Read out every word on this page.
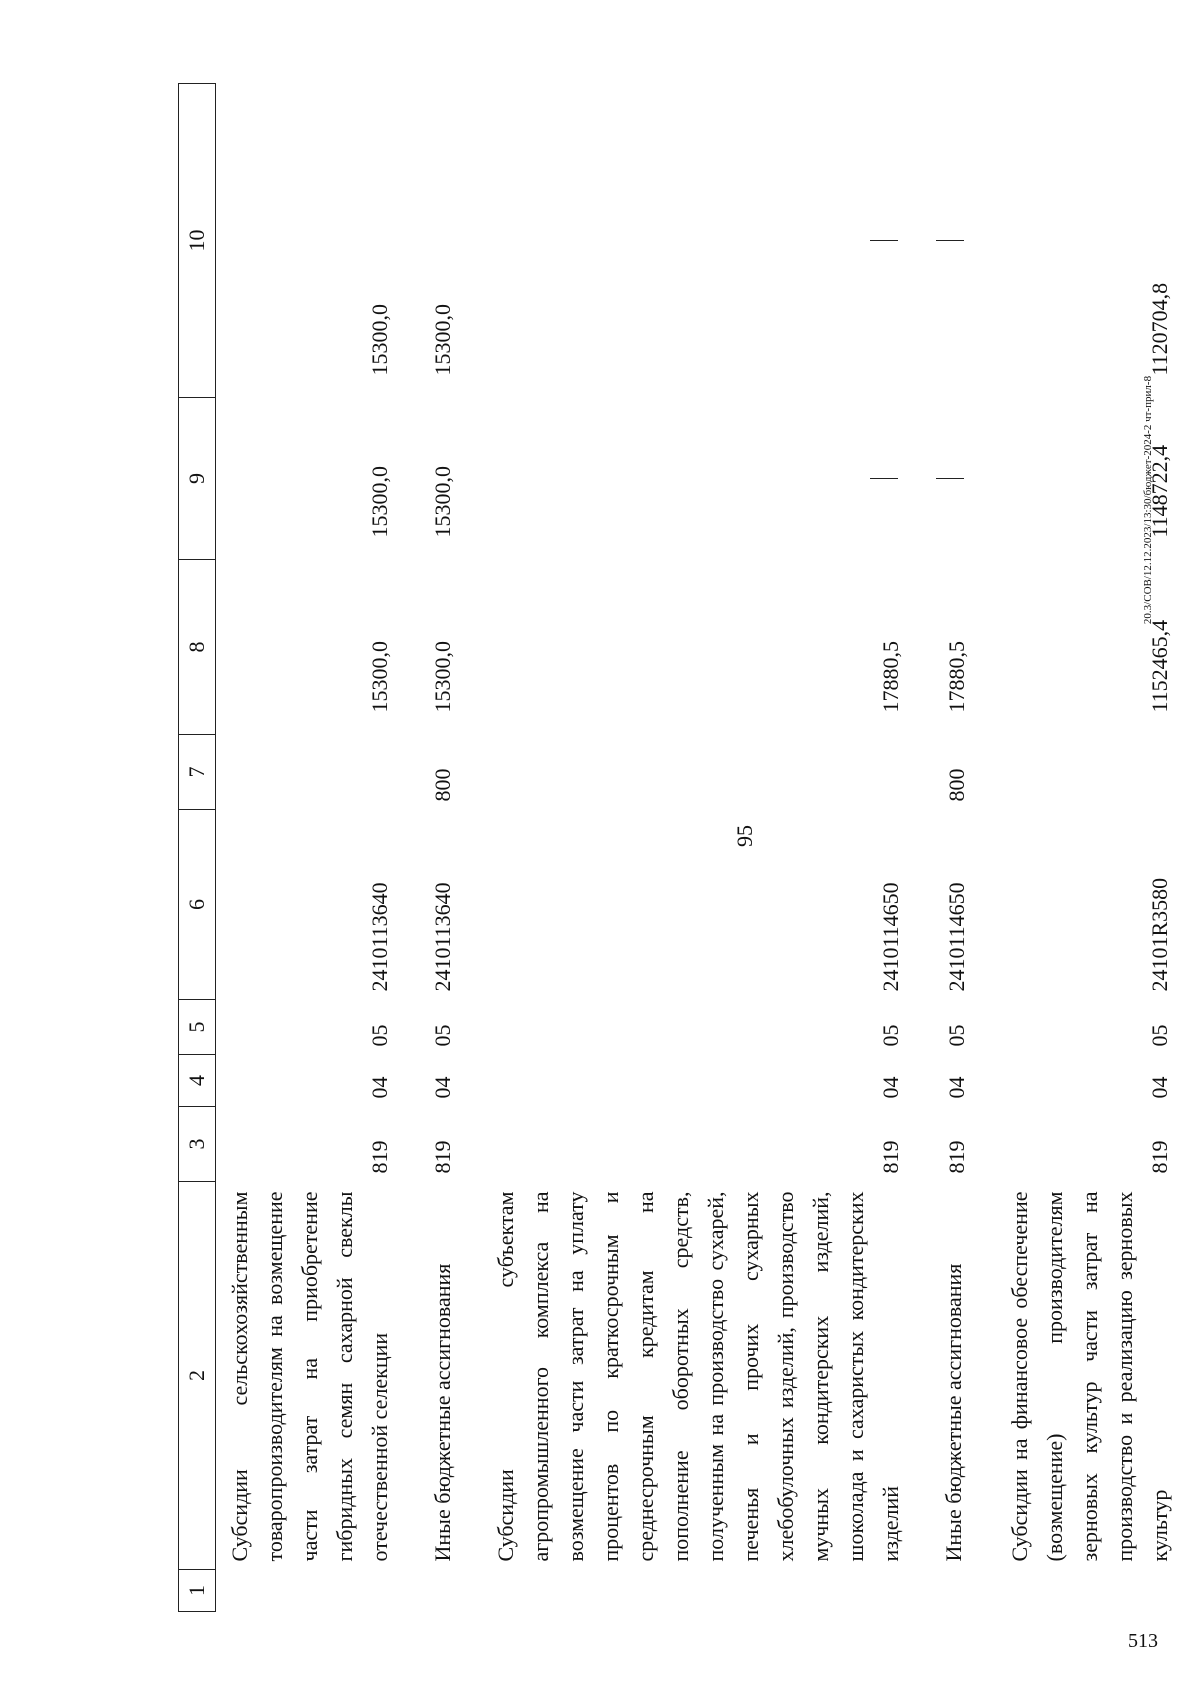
95
20.3/СОВ/12.12.2023/13:30/бюджет-2024-2 чт-прил-8
513
1	2	3	4	5	6	7	8	9	10
	Субсидии сельскохозяйственным товаропроизводителям на возмещение части затрат на приобретение гибридных семян сахарной свеклы отечественной селекции	819	04	05	2410113640		15300,0	15300,0	15300,0

	Иные бюджетные ассигнования	819	04	05	2410113640	800	15300,0	15300,0	15300,0

	Субсидии субъектам агропромышленного комплекса на возмещение части затрат на уплату процентов по краткосрочным и среднесрочным кредитам на пополнение оборотных средств, полученным на производство сухарей, печенья и прочих сухарных хлебобулочных изделий, производство мучных кондитерских изделий, шоколада и сахаристых кондитерских изделий	819	04	05	2410114650		17880,5		

	Иные бюджетные ассигнования	819	04	05	2410114650	800	17880,5		

	Субсидии на финансовое обеспечение (возмещение) производителям зерновых культур части затрат на производство и реализацию зерновых культур	819	04	05	24101R3580		1152465,4	1148722,4	1120704,8
